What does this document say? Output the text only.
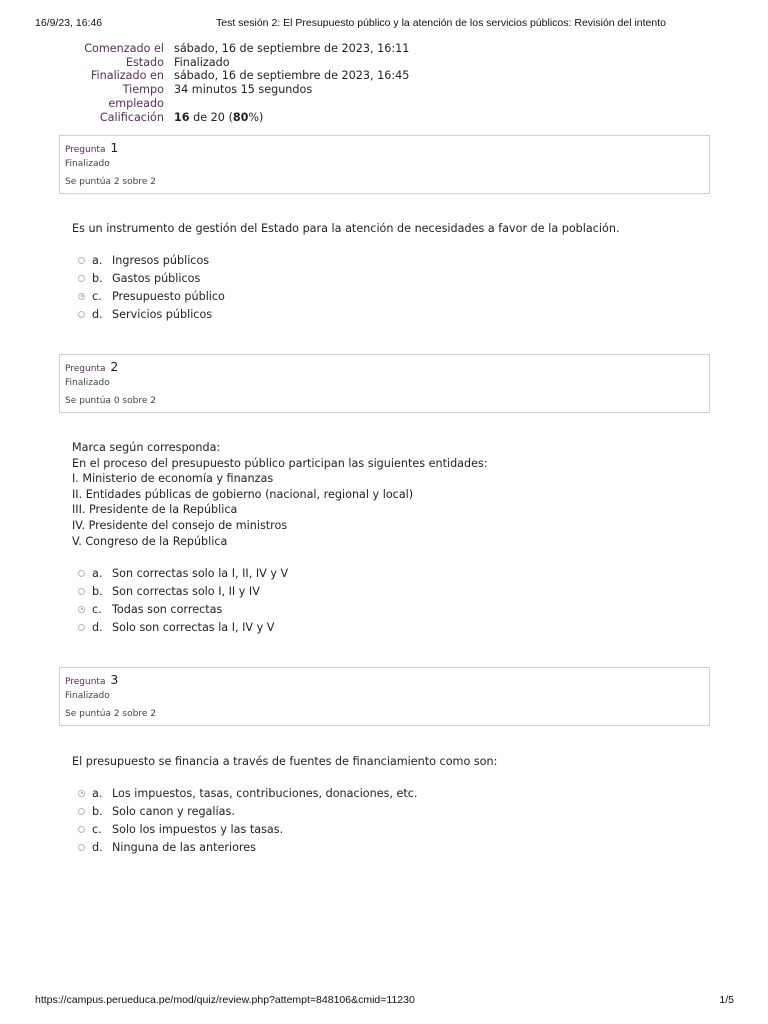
16/9/23, 16:46	Test sesión 2: El Presupuesto público y la atención de los servicios públicos: Revisión del intento
Comenzado el sábado, 16 de septiembre de 2023, 16:11
Estado Finalizado
Finalizado en sábado, 16 de septiembre de 2023, 16:45
Tiempo
empleado
34 minutos 15 segundos
Calificación 16 de 20 (80%)
Pregunta 1
Finalizado
Se puntúa 2 sobre 2
Es un instrumento de gestión del Estado para la atención de necesidades a favor de la población.
a. Ingresos públicos
b. Gastos públicos
c. Presupuesto público
d. Servicios públicos
Pregunta 2
Finalizado
Se puntúa 0 sobre 2
Marca según corresponda:
En el proceso del presupuesto público participan las siguientes entidades:
I. Ministerio de economía y finanzas
II. Entidades públicas de gobierno (nacional, regional y local)
III. Presidente de la República
IV. Presidente del consejo de ministros
V. Congreso de la República
a. Son correctas solo la I, II, IV y V
b. Son correctas solo I, II y IV
c. Todas son correctas
d. Solo son correctas la I, IV y V
Pregunta 3
Finalizado
Se puntúa 2 sobre 2
El presupuesto se financia a través de fuentes de financiamiento como son:
a. Los impuestos, tasas, contribuciones, donaciones, etc.
b. Solo canon y regalías.
c. Solo los impuestos y las tasas.
d. Ninguna de las anteriores
https://campus.perueduca.pe/mod/quiz/review.php?attempt=848106&cmid=11230	1/5
